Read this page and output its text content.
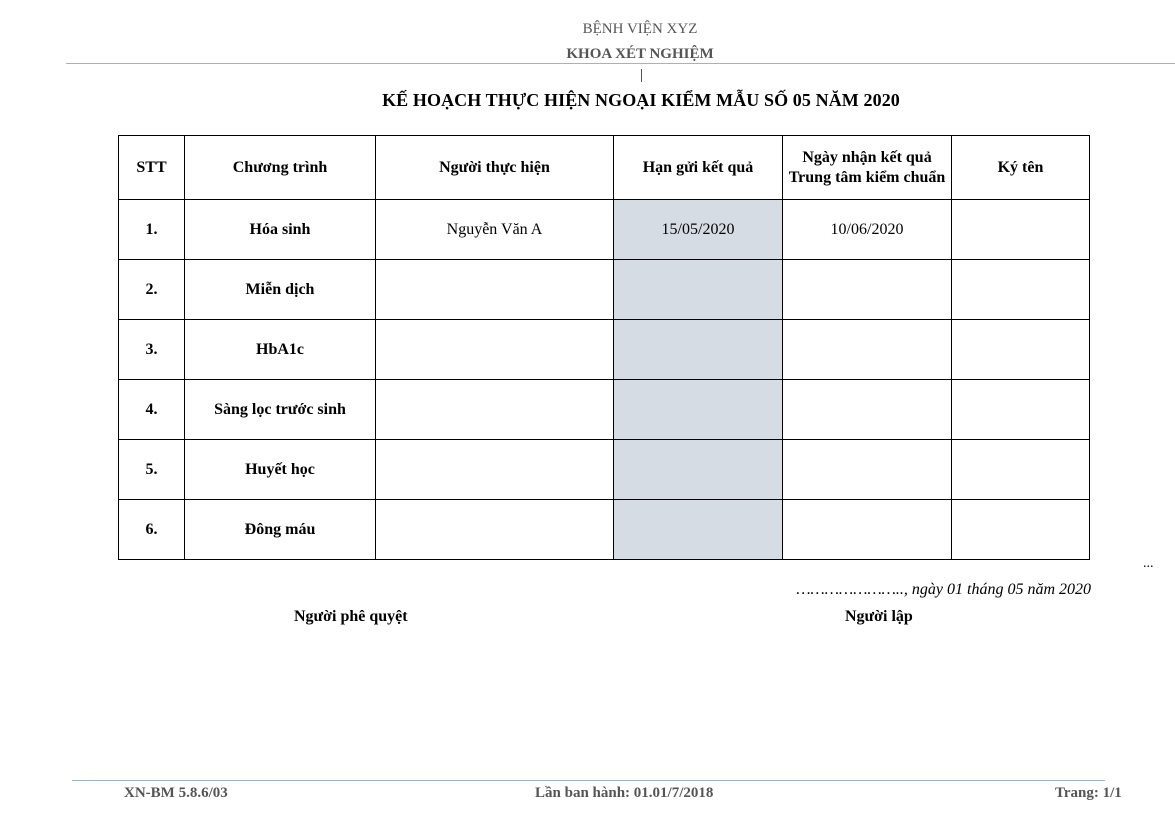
BỆNH VIỆN XYZ
KHOA XÉT NGHIỆM
KẾ HOẠCH THỰC HIỆN NGOẠI KIỂM MẪU SỐ 05 NĂM 2020
STT	Chương trình	Người thực hiện	Hạn gửi kết quả	Ngày nhận kết quả Trung tâm kiểm chuẩn	Ký tên
1.	Hóa sinh	Nguyễn Văn A	15/05/2020	10/06/2020	
2.	Miễn dịch				
3.	HbA1c				
4.	Sàng lọc trước sinh				
5.	Huyết học				
6.	Đông máu				
...
………………….., ngày 01 tháng 05 năm 2020
Người phê quyệt	Người lập
XN-BM 5.8.6/03	Lần ban hành: 01.01/7/2018	Trang: 1/1
